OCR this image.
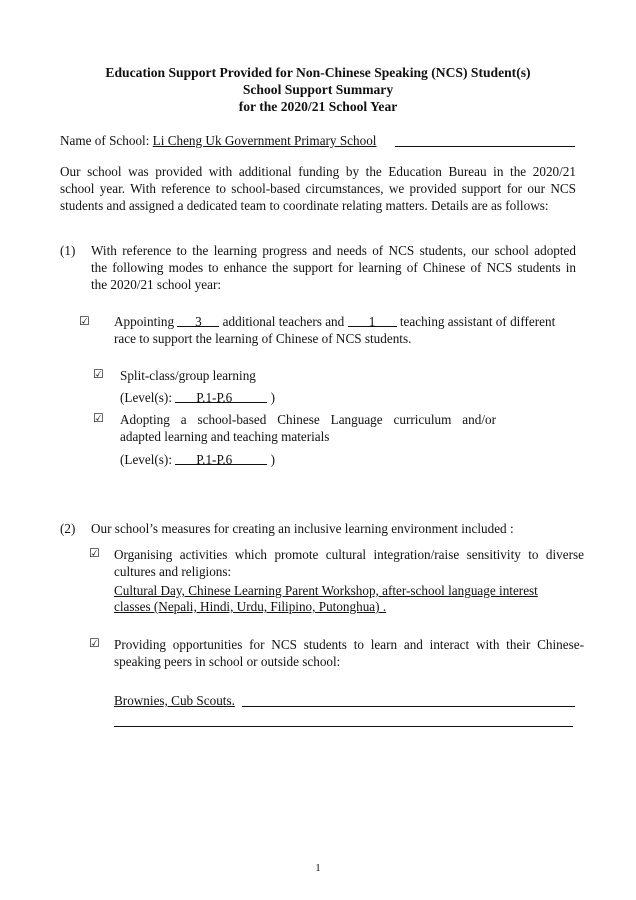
Education Support Provided for Non-Chinese Speaking (NCS) Student(s)
School Support Summary
for the 2020/21 School Year
Name of School: Li Cheng Uk Government Primary School
Our school was provided with additional funding by the Education Bureau in the 2020/21
school year. With reference to school-based circumstances, we provided support for our NCS
students and assigned a dedicated team to coordinate relating matters. Details are as follows:
(1) With reference to the learning progress and needs of NCS students, our school adopted
the following modes to enhance the support for learning of Chinese of NCS students in
the 2020/21 school year:
☑ Appointing 3 additional teachers and 1 teaching assistant of different
race to support the learning of Chinese of NCS students.
☑ Split-class/group learning
(Level(s): P.1-P.6	)
☑ Adopting a school-based Chinese Language curriculum and/or
adapted learning and teaching materials
(Level(s): P.1-P.6	)
(2) Our school’s measures for creating an inclusive learning environment included :
☑ Organising activities which promote cultural integration/raise sensitivity to diverse
cultures and religions:
Cultural Day, Chinese Learning Parent Workshop, after-school language interest
classes (Nepali, Hindi, Urdu, Filipino, Putonghua) .
☑ Providing opportunities for NCS students to learn and interact with their Chinese-
speaking peers in school or outside school:
Brownies, Cub Scouts.
1
